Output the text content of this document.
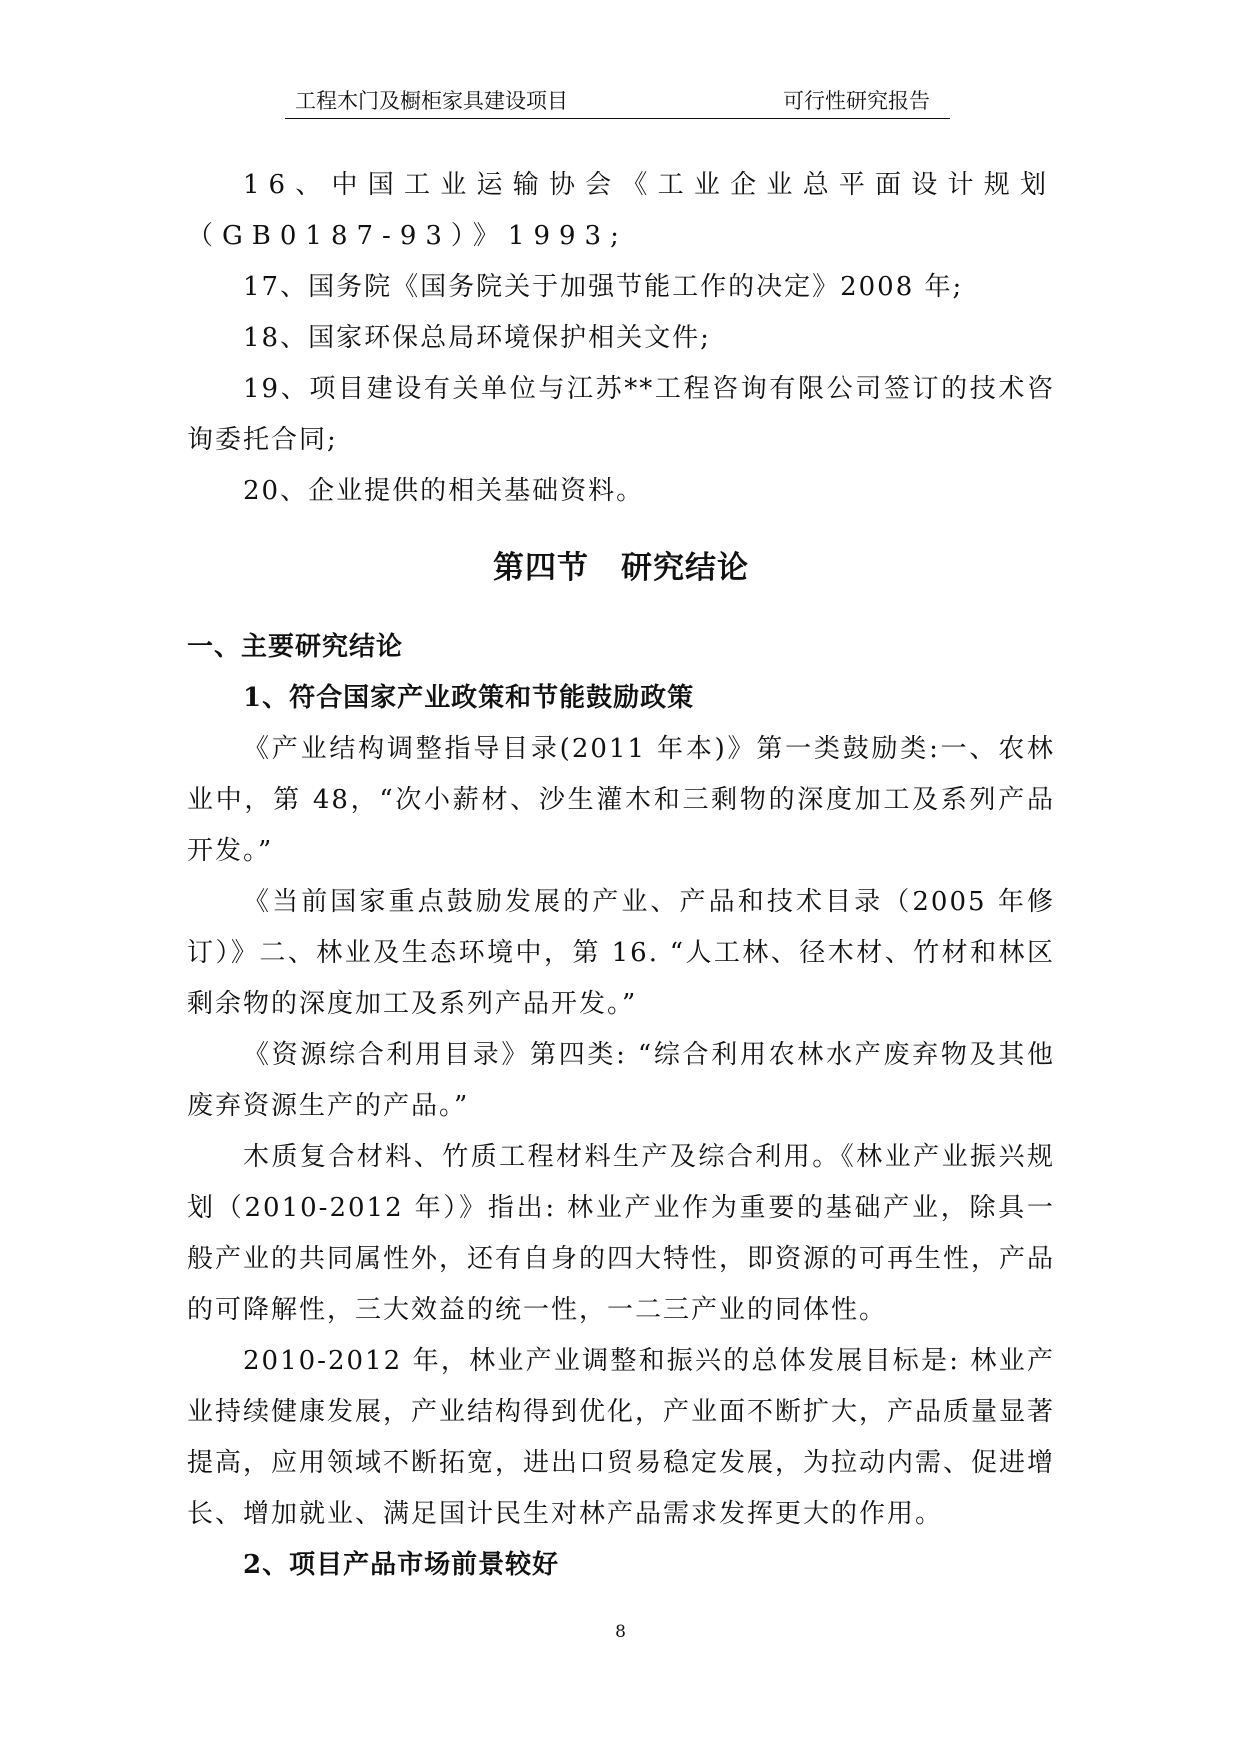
工程木门及橱柜家具建设项目	可行性研究报告

16、中国工业运输协会《工业企业总平面设计规划（GB0187-93）》1993;

17、国务院《国务院关于加强节能工作的决定》2008 年;

18、国家环保总局环境保护相关文件;

19、项目建设有关单位与江苏**工程咨询有限公司签订的技术咨询委托合同;

20、企业提供的相关基础资料。

第四节　研究结论

一、主要研究结论

1、符合国家产业政策和节能鼓励政策

《产业结构调整指导目录(2011 年本)》第一类鼓励类:一、农林业中，第 48，“次小薪材、沙生灌木和三剩物的深度加工及系列产品开发。”

《当前国家重点鼓励发展的产业、产品和技术目录（2005 年修订）》二、林业及生态环境中，第 16. “人工林、径木材、竹材和林区剩余物的深度加工及系列产品开发。”

《资源综合利用目录》第四类: “综合利用农林水产废弃物及其他废弃资源生产的产品。”

木质复合材料、竹质工程材料生产及综合利用。《林业产业振兴规划（2010-2012 年）》指出: 林业产业作为重要的基础产业，除具一般产业的共同属性外，还有自身的四大特性，即资源的可再生性，产品的可降解性，三大效益的统一性，一二三产业的同体性。

2010-2012 年，林业产业调整和振兴的总体发展目标是: 林业产业持续健康发展，产业结构得到优化，产业面不断扩大，产品质量显著提高，应用领域不断拓宽，进出口贸易稳定发展，为拉动内需、促进增长、增加就业、满足国计民生对林产品需求发挥更大的作用。

2、项目产品市场前景较好

8
